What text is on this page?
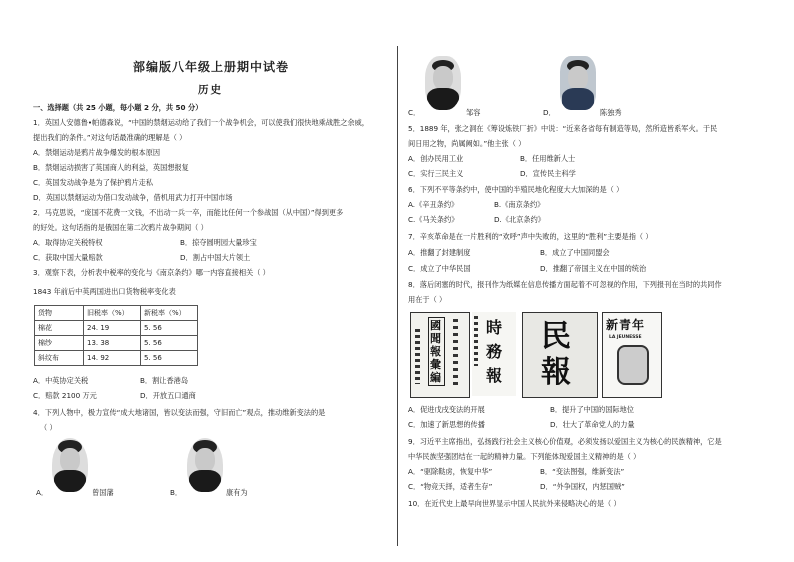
部编版八年级上册期中试卷
历史
一、选择题（共 25 小题，每小题 2 分，共 50 分）
1．英国人安德鲁•帕德森说，“中国的禁烟运动给了我们一个战争机会，可以使我们很快地乘战胜之余威，
提出我们的条件。”对这句话最准确的理解是（ ）
A．禁烟运动是鸦片战争爆发的根本原因
B．禁烟运动损害了英国商人的利益，英国想报复
C．英国发动战争是为了保护鸦片走私
D．英国以禁烟运动为借口发动战争，借机用武力打开中国市场
2．马克思说，“庞国不花费一文钱，不出动一兵一卒，而能比任何一个参战国（从中国）”得到更多
的好处。这句话指的是俄国在第二次鸦片战争期间（ ）
A．取得协定关税特权	B．掠夺圆明园大量珍宝
C．获取中国大量赔款	D．割占中国大片领土
3．观察下表，分析表中税率的变化与《南京条约》哪一内容直接相关（ ）
1843 年前后中英两国进出口货物税率变化表
货物	旧税率（%）	新税率（%）
棉花	24. 19	5. 56
棉纱	13. 38	5. 56
斜纹布	14. 92	5. 56
A．中英协定关税	B．割让香港岛
C．赔款 2100 万元	D．开放五口通商
4．下列人物中，极力宣传“成大地诸国，皆以变法而强，守旧而亡”观点，推动维新变法的是
（ ）
A．	曾国藩	B．	康有为
C．	邹容	D．	陈独秀
5．1889 年，张之洞在《筹设炼铁厂折》中说：“近来各省每有制造等局，然所造皆系军火。于民
间日用之物，尚属阙如。”他主张（ ）
A．创办民用工业	B．任用维新人士
C．实行三民主义	D．宣传民主科学
6．下列不平等条约中，使中国的半殖民地化程度大大加深的是（ ）
A.《辛丑条约》	B.《南京条约》
C.《马关条约》	D.《北京条约》
7．辛亥革命是在一片胜利的“欢呼”声中失败的，这里的“胜利”主要是指（ ）
A．推翻了封建制度	B．成立了中国同盟会
C．成立了中华民国	D．推翻了帝国主义在中国的统治
8．落后闭塞的时代，报刊作为纸媒在信息传播方面起着不可忽视的作用，下列报刊在当时的共同作
用在于（ ）
國聞報彙編
時務報
民報
新青年
LA JEUNESSE
A．促进戊戌变法的开展	B．提升了中国的国际地位
C．加速了新思想的传播	D．壮大了革命党人的力量
9．习近平主席指出，弘扬践行社会主义核心价值观，必须发扬以爱国主义为核心的民族精神，它是
中华民族坚强团结在一起的精神力量。下列能体现爱国主义精神的是（ ）
A．“驱除鞑虏，恢复中华”	B．“变法图强，维新变法”
C．“物竞天择，适者生存”	D．“外争国权，内惩国贼”
10．在近代史上最早向世界显示中国人民抗外来侵略决心的是（ ）
